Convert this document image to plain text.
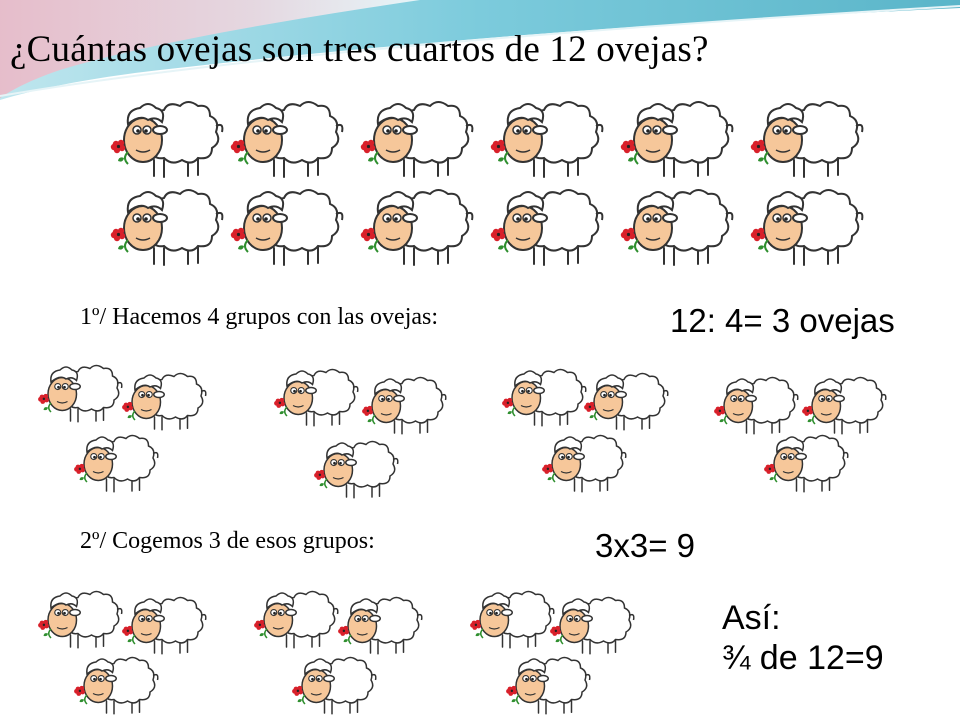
¿Cuántas ovejas son tres cuartos de 12 ovejas?
1º/ Hacemos 4 grupos con las ovejas:	12: 4= 3 ovejas
2º/ Cogemos 3 de esos grupos:	3x3= 9
Así:
¾ de 12=9
